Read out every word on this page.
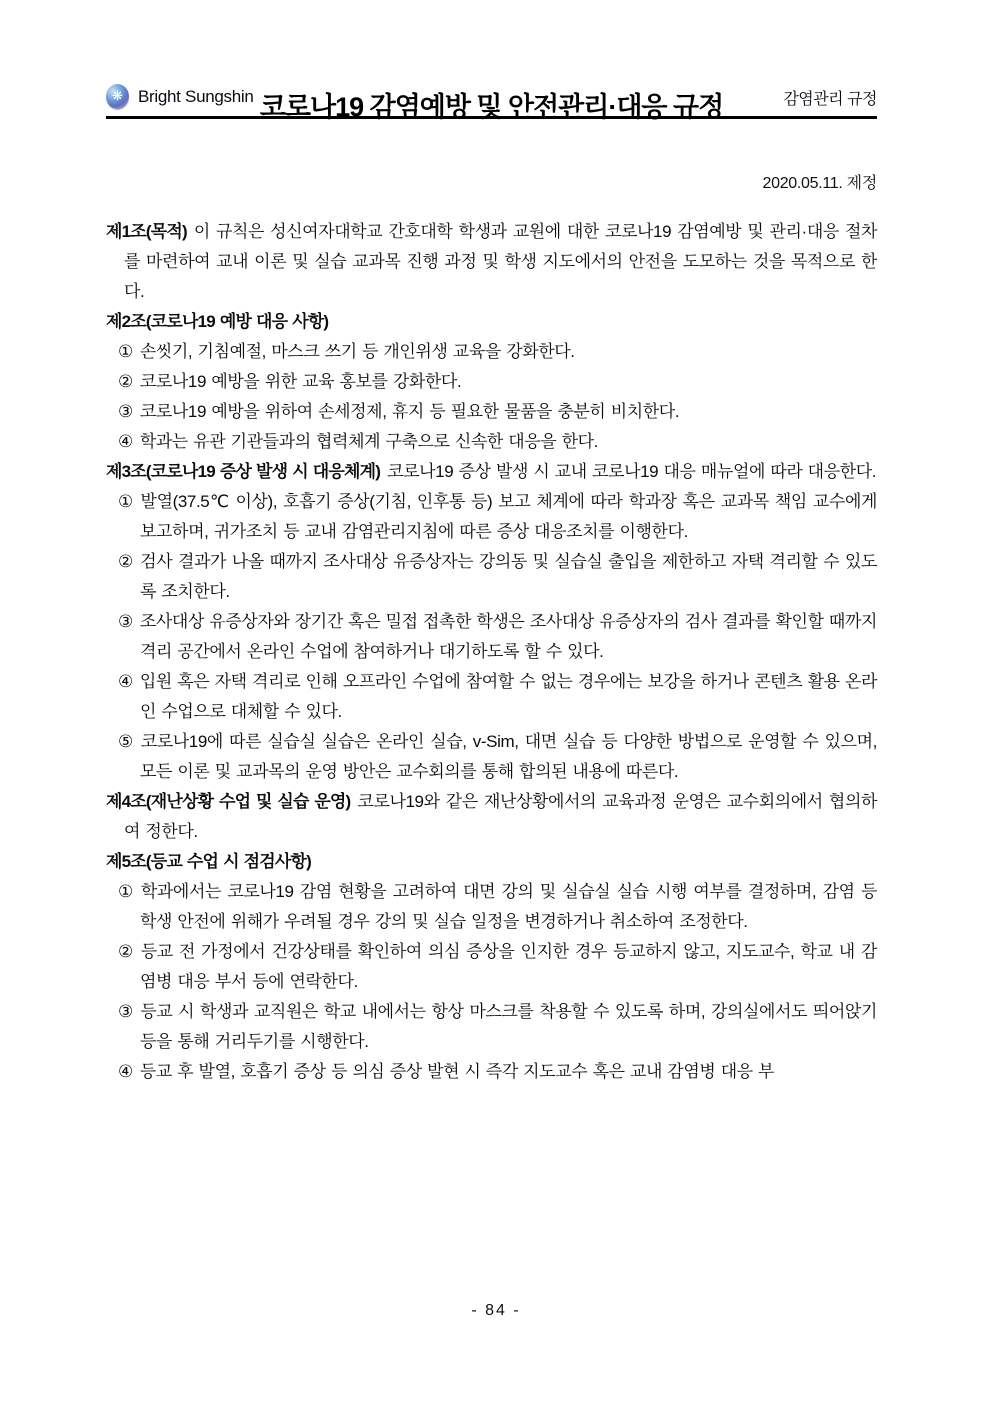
❋ Bright Sungshin	감염관리 규정
코로나19 감염예방 및 안전관리·대응 규정
2020.05.11. 제정

제1조(목적) 이 규칙은 성신여자대학교 간호대학 학생과 교원에 대한 코로나19 감염예방 및 관리·대응 절차를 마련하여 교내 이론 및 실습 교과목 진행 과정 및 학생 지도에서의 안전을 도모하는 것을 목적으로 한다.

제2조(코로나19 예방 대응 사항)

① 손씻기, 기침예절, 마스크 쓰기 등 개인위생 교육을 강화한다.

② 코로나19 예방을 위한 교육 홍보를 강화한다.

③ 코로나19 예방을 위하여 손세정제, 휴지 등 필요한 물품을 충분히 비치한다.

④ 학과는 유관 기관들과의 협력체계 구축으로 신속한 대응을 한다.

제3조(코로나19 증상 발생 시 대응체계) 코로나19 증상 발생 시 교내 코로나19 대응 매뉴얼에 따라 대응한다.

① 발열(37.5℃ 이상), 호흡기 증상(기침, 인후통 등) 보고 체계에 따라 학과장 혹은 교과목 책임 교수에게 보고하며, 귀가조치 등 교내 감염관리지침에 따른 증상 대응조치를 이행한다.

② 검사 결과가 나올 때까지 조사대상 유증상자는 강의동 및 실습실 출입을 제한하고 자택 격리할 수 있도록 조치한다.

③ 조사대상 유증상자와 장기간 혹은 밀접 접촉한 학생은 조사대상 유증상자의 검사 결과를 확인할 때까지 격리 공간에서 온라인 수업에 참여하거나 대기하도록 할 수 있다.

④ 입원 혹은 자택 격리로 인해 오프라인 수업에 참여할 수 없는 경우에는 보강을 하거나 콘텐츠 활용 온라인 수업으로 대체할 수 있다.

⑤ 코로나19에 따른 실습실 실습은 온라인 실습, v-Sim, 대면 실습 등 다양한 방법으로 운영할 수 있으며, 모든 이론 및 교과목의 운영 방안은 교수회의를 통해 합의된 내용에 따른다.

제4조(재난상황 수업 및 실습 운영) 코로나19와 같은 재난상황에서의 교육과정 운영은 교수회의에서 협의하여 정한다.

제5조(등교 수업 시 점검사항)

① 학과에서는 코로나19 감염 현황을 고려하여 대면 강의 및 실습실 실습 시행 여부를 결정하며, 감염 등 학생 안전에 위해가 우려될 경우 강의 및 실습 일정을 변경하거나 취소하여 조정한다.

② 등교 전 가정에서 건강상태를 확인하여 의심 증상을 인지한 경우 등교하지 않고, 지도교수, 학교 내 감염병 대응 부서 등에 연락한다.

③ 등교 시 학생과 교직원은 학교 내에서는 항상 마스크를 착용할 수 있도록 하며, 강의실에서도 띄어앉기 등을 통해 거리두기를 시행한다.

④ 등교 후 발열, 호흡기 증상 등 의심 증상 발현 시 즉각 지도교수 혹은 교내 감염병 대응 부

- 84 -
